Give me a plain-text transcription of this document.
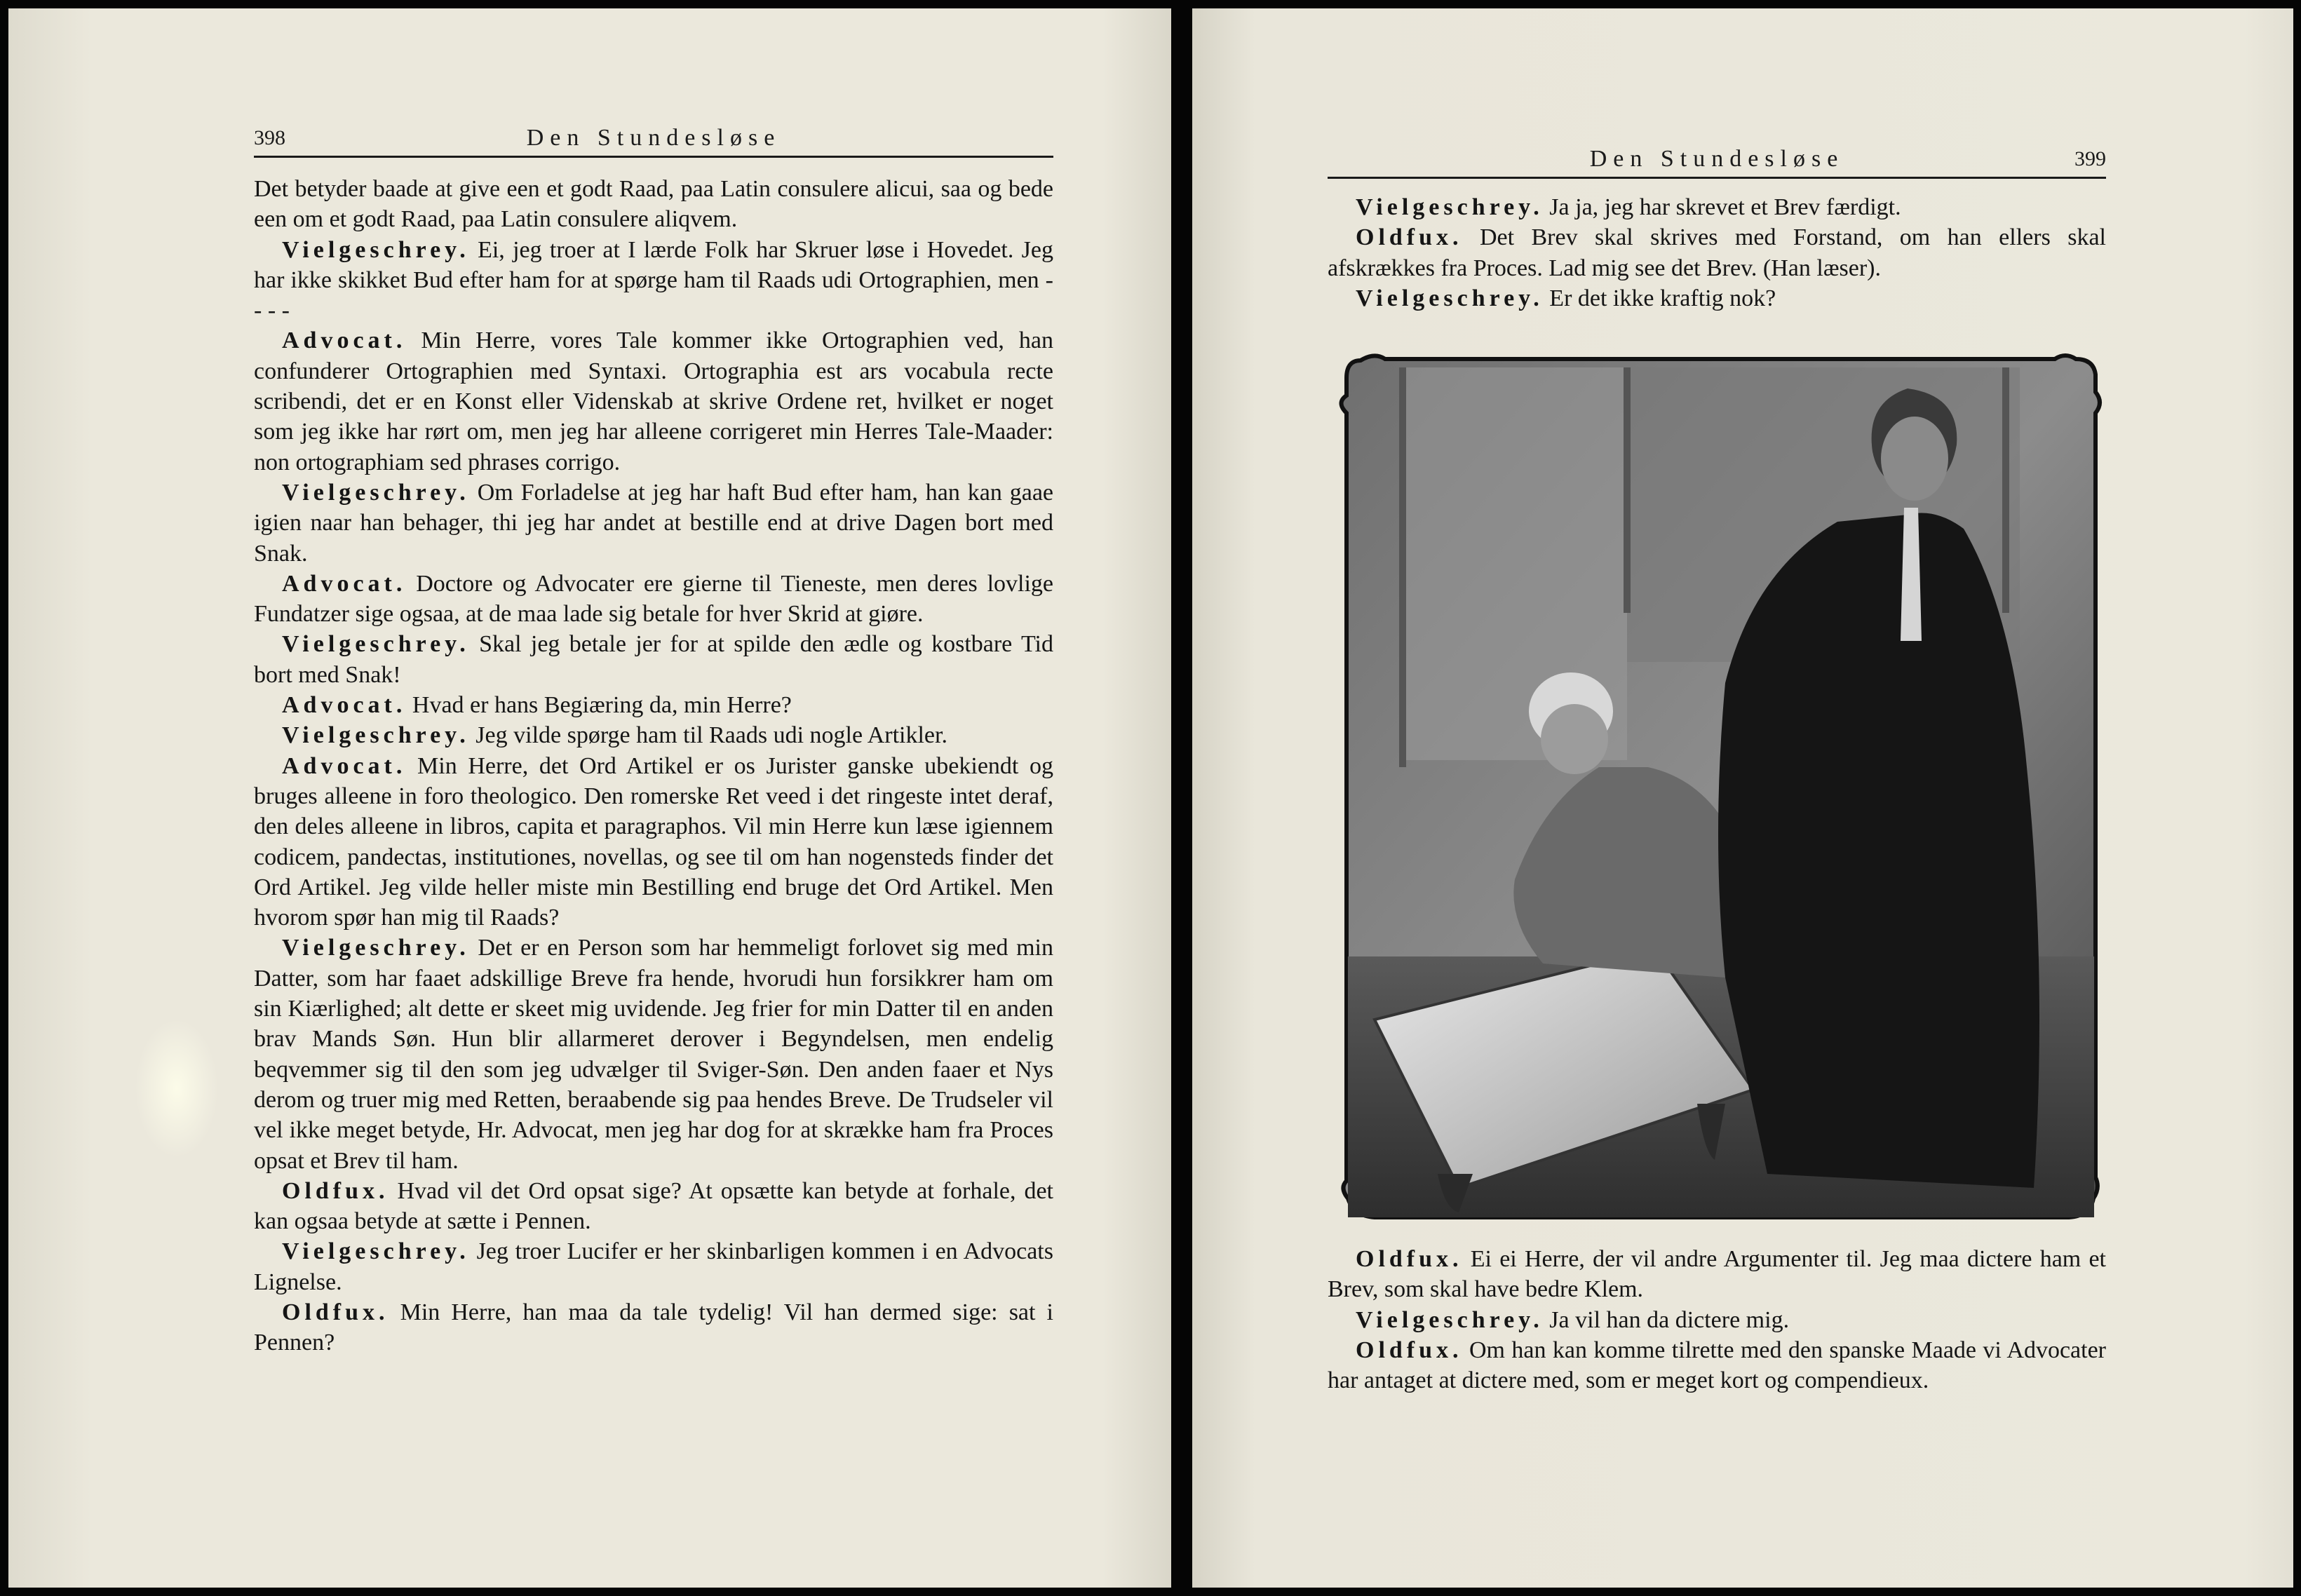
398	Den Stundesløse

Det betyder baade at give een et godt Raad, paa Latin consulere alicui, saa og bede een om et godt Raad, paa Latin consulere aliqvem.

Vielgeschrey. Ei, jeg troer at I lærde Folk har Skruer løse i Hovedet. Jeg har ikke skikket Bud efter ham for at spørge ham til Raads udi Ortographien, men - - - -

Advocat. Min Herre, vores Tale kommer ikke Ortographien ved, han confunderer Ortographien med Syntaxi. Ortographia est ars vocabula recte scribendi, det er en Konst eller Videnskab at skrive Ordene ret, hvilket er noget som jeg ikke har rørt om, men jeg har alleene corrigeret min Herres Tale-Maader: non ortographiam sed phrases corrigo.

Vielgeschrey. Om Forladelse at jeg har haft Bud efter ham, han kan gaae igien naar han behager, thi jeg har andet at bestille end at drive Dagen bort med Snak.

Advocat. Doctore og Advocater ere gierne til Tieneste, men deres lovlige Fundatzer sige ogsaa, at de maa lade sig betale for hver Skrid at giøre.

Vielgeschrey. Skal jeg betale jer for at spilde den ædle og kostbare Tid bort med Snak!

Advocat. Hvad er hans Begiæring da, min Herre?

Vielgeschrey. Jeg vilde spørge ham til Raads udi nogle Artikler.

Advocat. Min Herre, det Ord Artikel er os Jurister ganske ubekiendt og bruges alleene in foro theologico. Den romerske Ret veed i det ringeste intet deraf, den deles alleene in libros, capita et paragraphos. Vil min Herre kun læse igiennem codicem, pandectas, institutiones, novellas, og see til om han nogensteds finder det Ord Artikel. Jeg vilde heller miste min Bestilling end bruge det Ord Artikel. Men hvorom spør han mig til Raads?

Vielgeschrey. Det er en Person som har hemmeligt forlovet sig med min Datter, som har faaet adskillige Breve fra hende, hvorudi hun forsikkrer ham om sin Kiærlighed; alt dette er skeet mig uvidende. Jeg frier for min Datter til en anden brav Mands Søn. Hun blir allarmeret derover i Begyndelsen, men endelig beqvemmer sig til den som jeg udvælger til Sviger-Søn. Den anden faaer et Nys derom og truer mig med Retten, beraabende sig paa hendes Breve. De Trudseler vil vel ikke meget betyde, Hr. Advocat, men jeg har dog for at skrække ham fra Proces opsat et Brev til ham.

Oldfux. Hvad vil det Ord opsat sige? At opsætte kan betyde at forhale, det kan ogsaa betyde at sætte i Pennen.

Vielgeschrey. Jeg troer Lucifer er her skinbarligen kommen i en Advocats Lignelse.

Oldfux. Min Herre, han maa da tale tydelig! Vil han dermed sige: sat i Pennen?

Den Stundesløse	399

Vielgeschrey. Ja ja, jeg har skrevet et Brev færdigt.

Oldfux. Det Brev skal skrives med Forstand, om han ellers skal afskrækkes fra Proces. Lad mig see det Brev. (Han læser).

Vielgeschrey. Er det ikke kraftig nok?

Oldfux. Ei ei Herre, der vil andre Argumenter til. Jeg maa dictere ham et Brev, som skal have bedre Klem.

Vielgeschrey. Ja vil han da dictere mig.

Oldfux. Om han kan komme tilrette med den spanske Maade vi Advocater har antaget at dictere med, som er meget kort og compendieux.
